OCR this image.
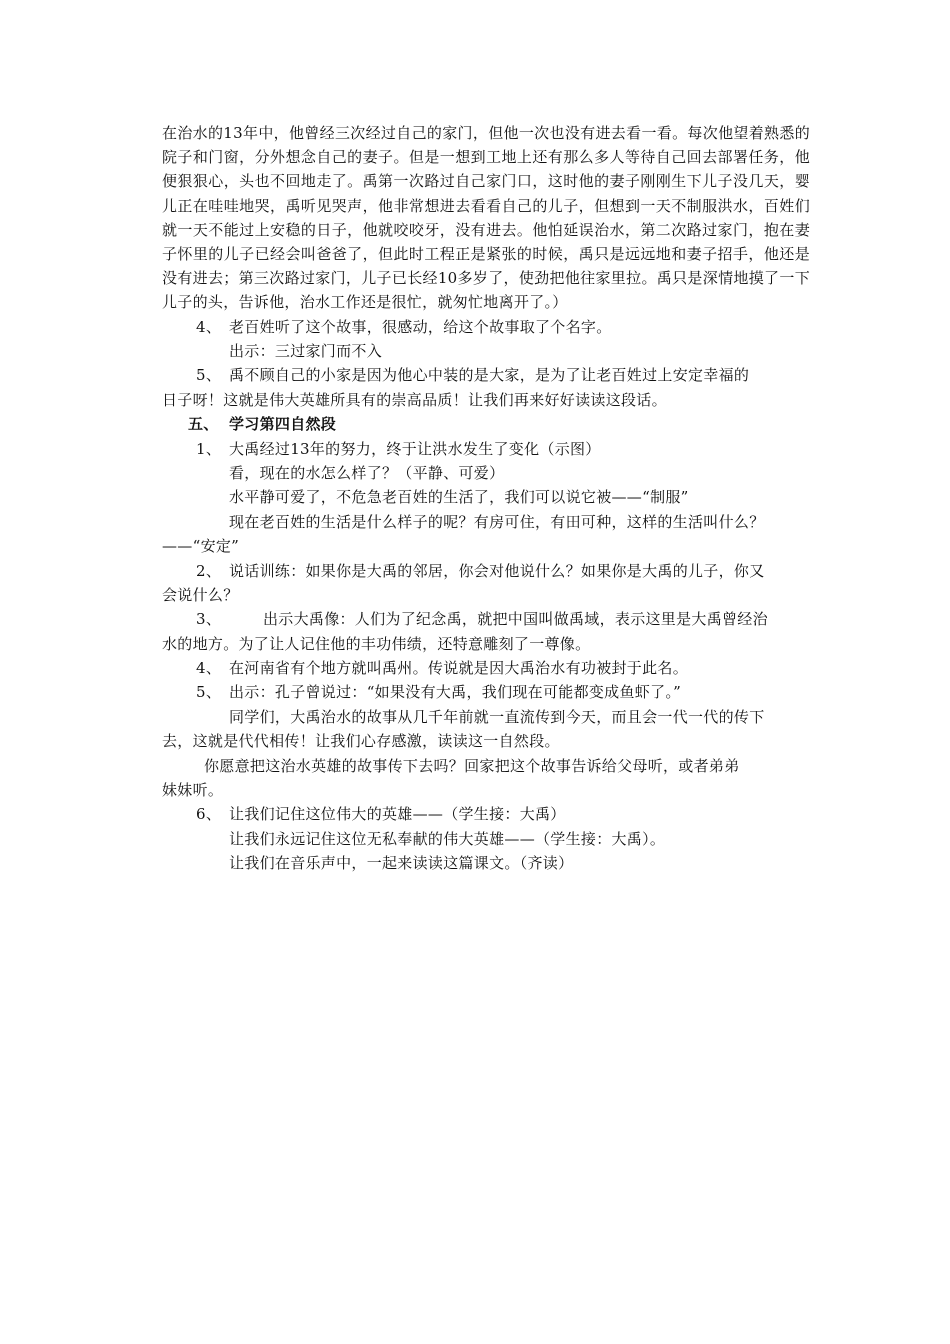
在治水的13年中，他曾经三次经过自己的家门，但他一次也没有进去看一看。每次他望着熟悉的院子和门窗，分外想念自己的妻子。但是一想到工地上还有那么多人等待自己回去部署任务，他便狠狠心，头也不回地走了。禹第一次路过自己家门口，这时他的妻子刚刚生下儿子没几天，婴儿正在哇哇地哭，禹听见哭声，他非常想进去看看自己的儿子，但想到一天不制服洪水，百姓们就一天不能过上安稳的日子，他就咬咬牙，没有进去。他怕延误治水，第二次路过家门，抱在妻子怀里的儿子已经会叫爸爸了，但此时工程正是紧张的时候，禹只是远远地和妻子招手，他还是没有进去；第三次路过家门，儿子已长经10多岁了，使劲把他往家里拉。禹只是深情地摸了一下儿子的头，告诉他，治水工作还是很忙，就匆忙地离开了。）

4、 老百姓听了这个故事，很感动，给这个故事取了个名字。
出示：三过家门而不入
5、 禹不顾自己的小家是因为他心中装的是大家，是为了让老百姓过上安定幸福的
日子呀！这就是伟大英雄所具有的崇高品质！让我们再来好好读读这段话。
五、 学习第四自然段
1、 大禹经过13年的努力，终于让洪水发生了变化（示图）
看，现在的水怎么样了？（平静、可爱）
水平静可爱了，不危急老百姓的生活了，我们可以说它被——“制服”
现在老百姓的生活是什么样子的呢？有房可住，有田可种，这样的生活叫什么？
——“安定”
2、 说话训练：如果你是大禹的邻居，你会对他说什么？如果你是大禹的儿子，你又
会说什么？
3、	出示大禹像：人们为了纪念禹，就把中国叫做禹域，表示这里是大禹曾经治
水的地方。为了让人记住他的丰功伟绩，还特意雕刻了一尊像。
4、 在河南省有个地方就叫禹州。传说就是因大禹治水有功被封于此名。
5、 出示：孔子曾说过：“如果没有大禹，我们现在可能都变成鱼虾了。”
同学们，大禹治水的故事从几千年前就一直流传到今天，而且会一代一代的传下
去，这就是代代相传！让我们心存感激，读读这一自然段。
你愿意把这治水英雄的故事传下去吗？回家把这个故事告诉给父母听，或者弟弟
妹妹听。
6、 让我们记住这位伟大的英雄——（学生接：大禹）
让我们永远记住这位无私奉献的伟大英雄——（学生接：大禹）。
让我们在音乐声中，一起来读读这篇课文。（齐读）
